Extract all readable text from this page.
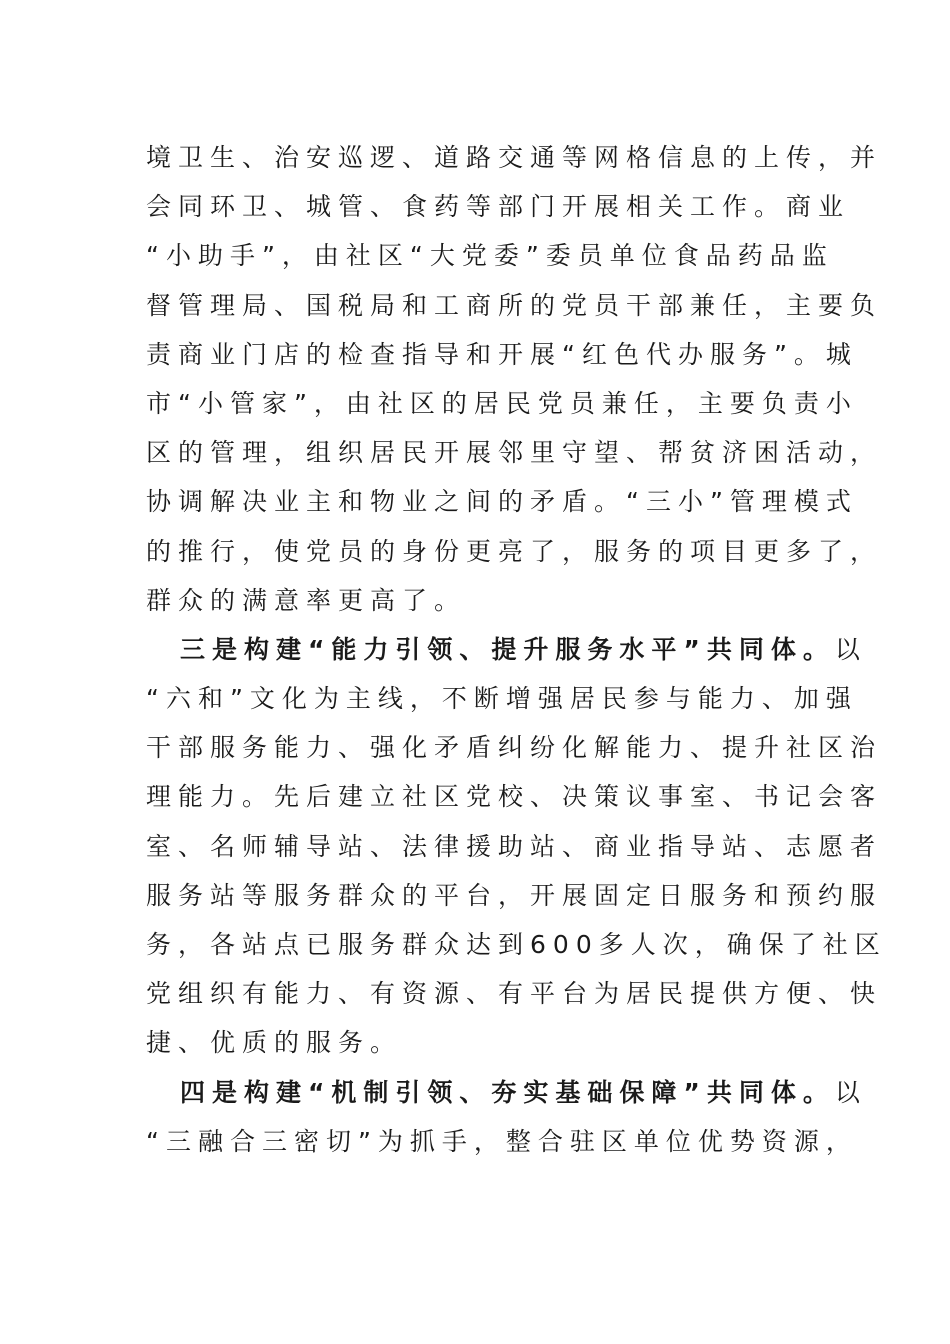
境卫生、治安巡逻、道路交通等网格信息的上传，并
会同环卫、城管、食药等部门开展相关工作。商业
“小助手”，由社区“大党委”委员单位食品药品监
督管理局、国税局和工商所的党员干部兼任，主要负
责商业门店的检查指导和开展“红色代办服务”。城
市“小管家”，由社区的居民党员兼任，主要负责小
区的管理，组织居民开展邻里守望、帮贫济困活动，
协调解决业主和物业之间的矛盾。“三小”管理模式
的推行，使党员的身份更亮了，服务的项目更多了，
群众的满意率更高了。
三是构建“能力引领、提升服务水平”共同体。以
“六和”文化为主线，不断增强居民参与能力、加强
干部服务能力、强化矛盾纠纷化解能力、提升社区治
理能力。先后建立社区党校、决策议事室、书记会客
室、名师辅导站、法律援助站、商业指导站、志愿者
服务站等服务群众的平台，开展固定日服务和预约服
务，各站点已服务群众达到600多人次，确保了社区
党组织有能力、有资源、有平台为居民提供方便、快
捷、优质的服务。
四是构建“机制引领、夯实基础保障”共同体。以
“三融合三密切”为抓手，整合驻区单位优势资源，
